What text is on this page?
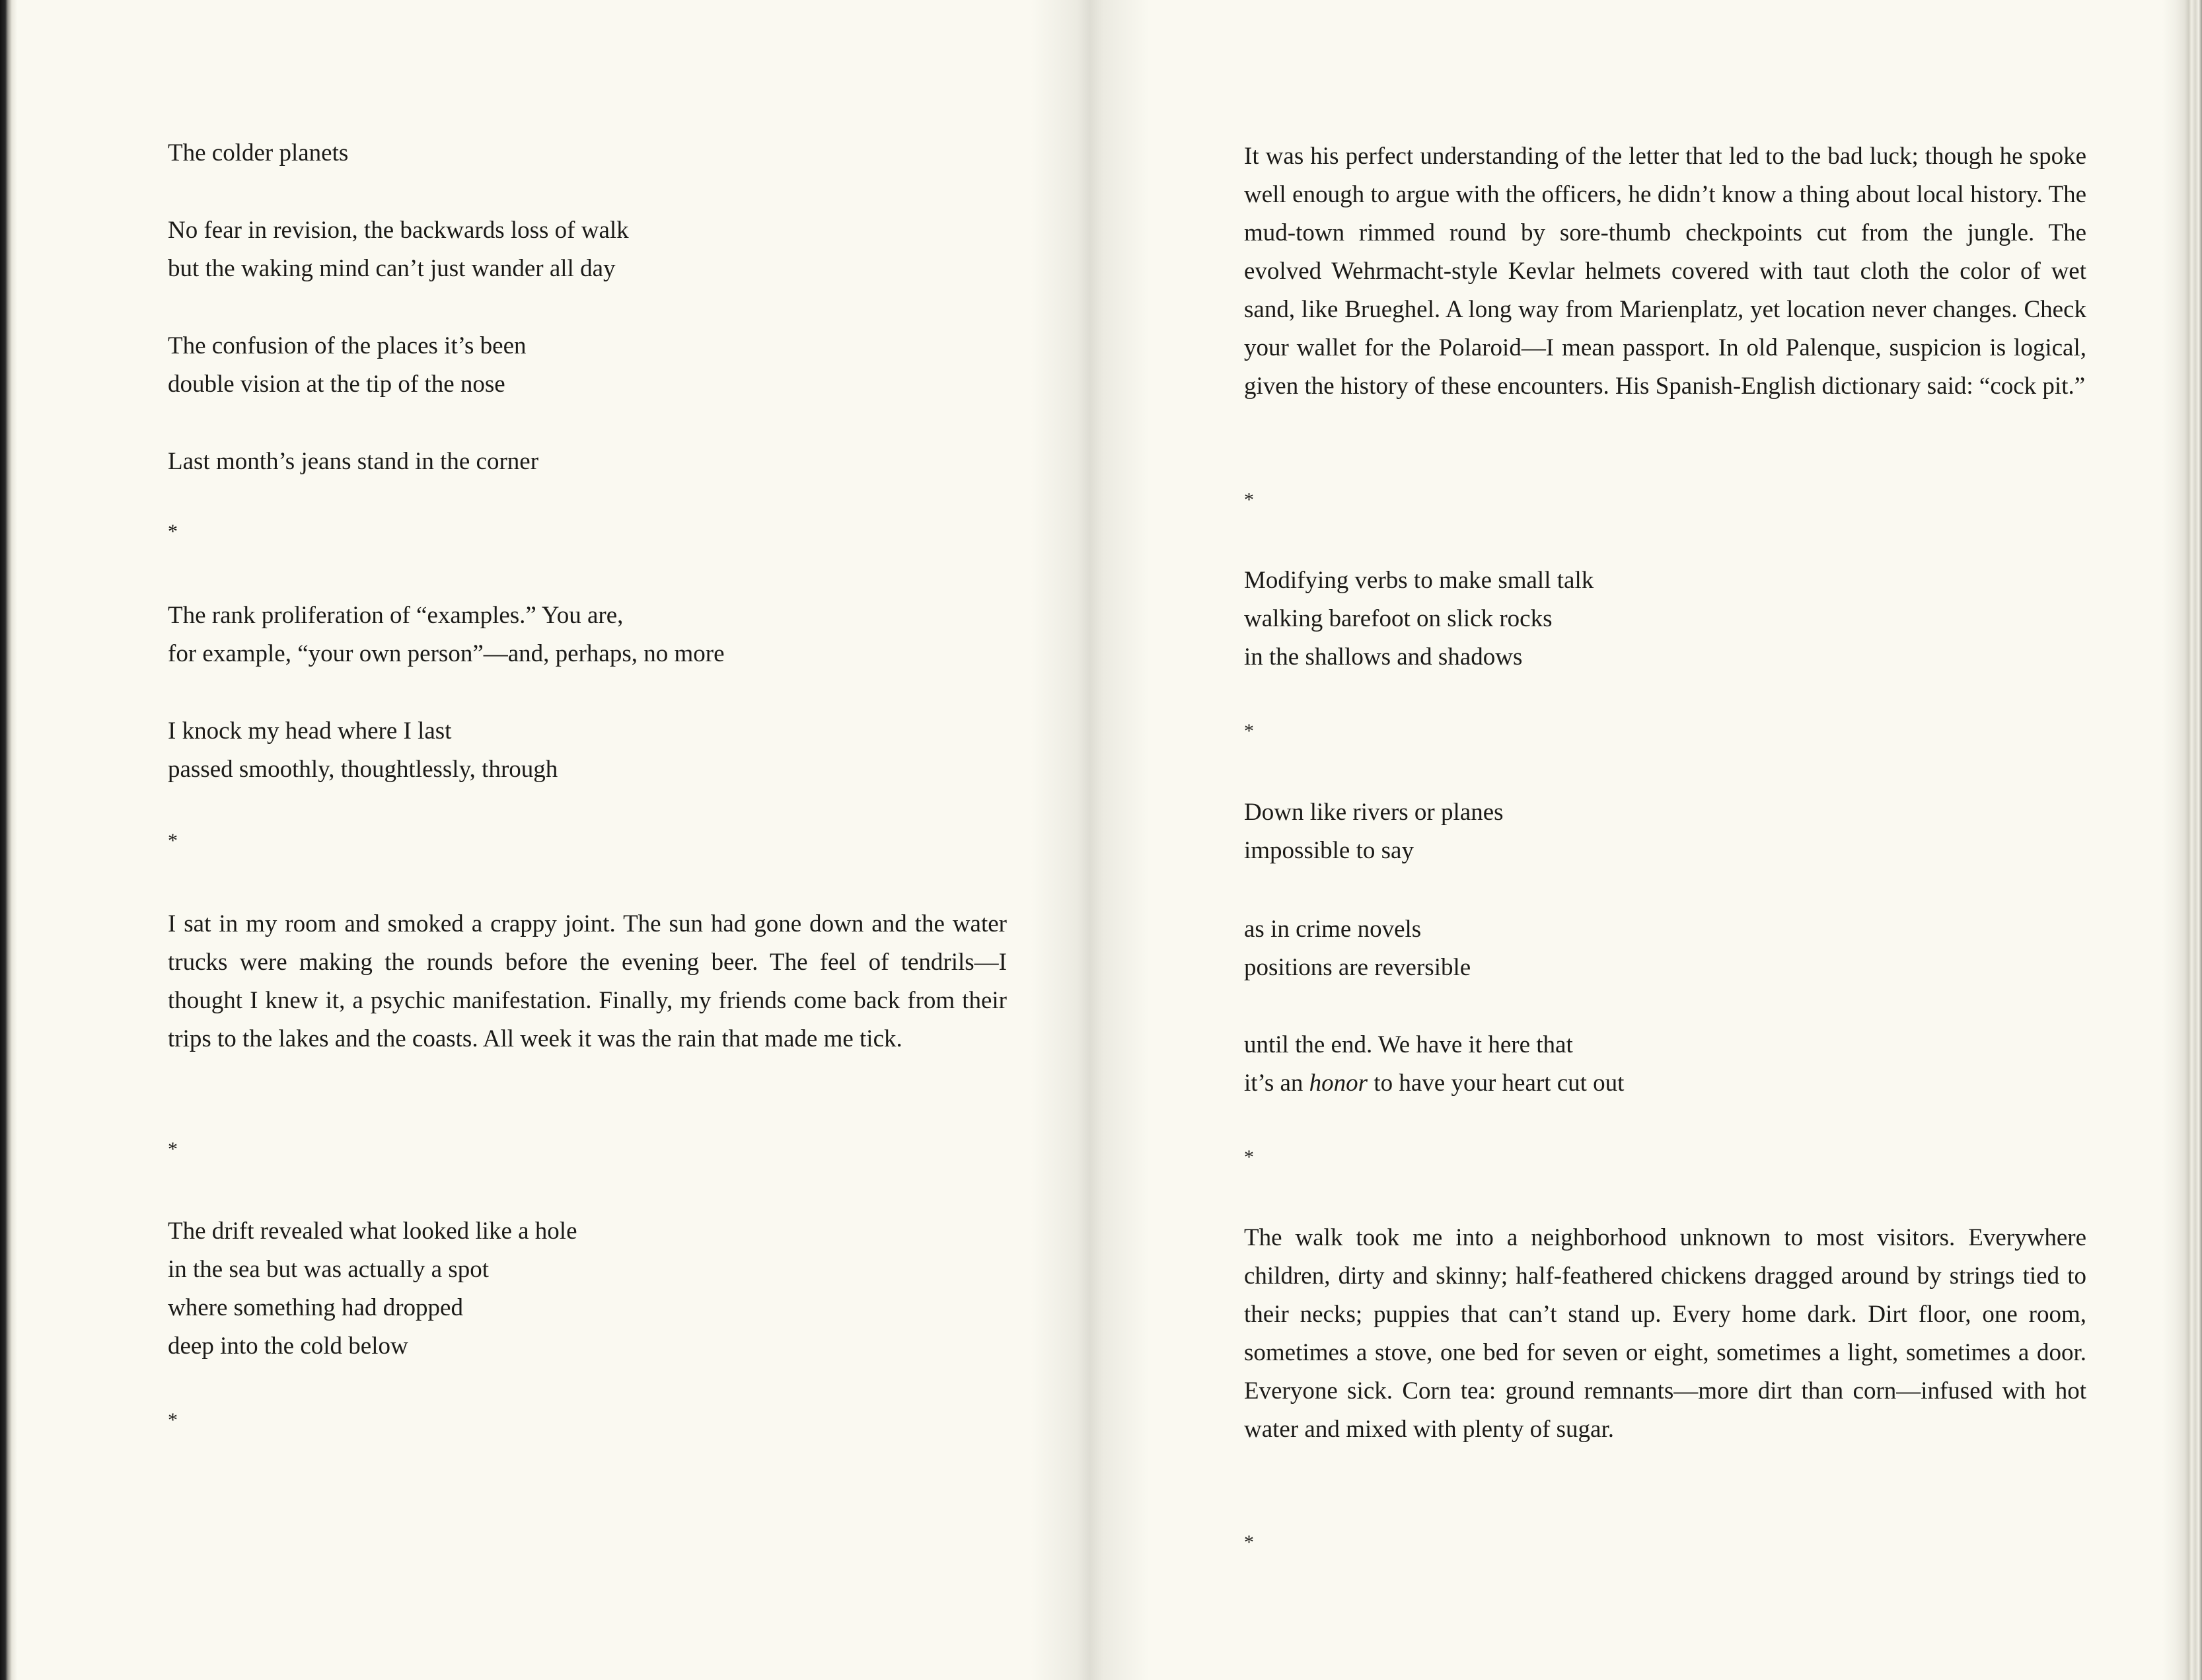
The colder planets
No fear in revision, the backwards loss of walk
but the waking mind can’t just wander all day
The confusion of the places it’s been
double vision at the tip of the nose
Last month’s jeans stand in the corner
*
The rank proliferation of “examples.” You are,
for example, “your own person”—and, perhaps, no more
I knock my head where I last
passed smoothly, thoughtlessly, through
*
I sat in my room and smoked a crappy joint. The sun had gone down and the water trucks were making the rounds before the evening beer. The feel of tendrils—I thought I knew it, a psychic manifestation. Finally, my friends come back from their trips to the lakes and the coasts. All week it was the rain that made me tick.
*
The drift revealed what looked like a hole
in the sea but was actually a spot
where something had dropped
deep into the cold below
*
It was his perfect understanding of the letter that led to the bad luck; though he spoke well enough to argue with the officers, he didn’t know a thing about local history. The mud-town rimmed round by sore-thumb checkpoints cut from the jungle. The evolved Wehrmacht-style Kevlar helmets covered with taut cloth the color of wet sand, like Brueghel. A long way from Marienplatz, yet location never changes. Check your wallet for the Polaroid—I mean passport. In old Palenque, suspicion is logical, given the history of these encounters. His Spanish-English dictionary said: “cock pit.”
*
Modifying verbs to make small talk
walking barefoot on slick rocks
in the shallows and shadows
*
Down like rivers or planes
impossible to say
as in crime novels
positions are reversible
until the end. We have it here that
it’s an honor to have your heart cut out
*
The walk took me into a neighborhood unknown to most visitors. Everywhere children, dirty and skinny; half-feathered chickens dragged around by strings tied to their necks; puppies that can’t stand up. Every home dark. Dirt floor, one room, sometimes a stove, one bed for seven or eight, sometimes a light, sometimes a door. Everyone sick. Corn tea: ground remnants—more dirt than corn—infused with hot water and mixed with plenty of sugar.
*
